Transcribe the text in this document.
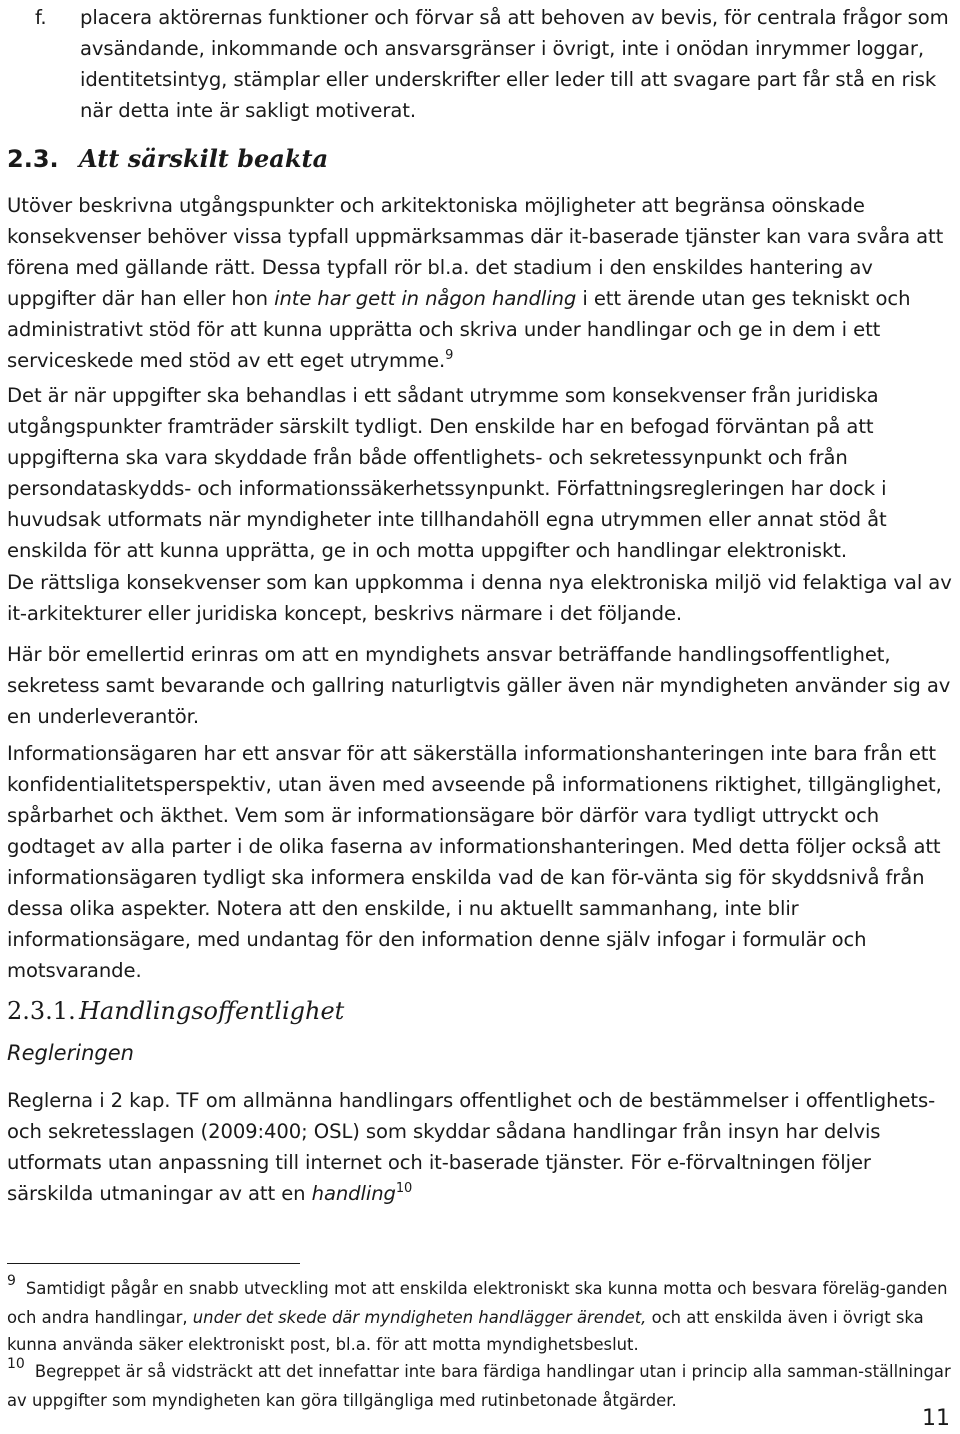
f. placera aktörernas funktioner och förvar så att behoven av bevis, för centrala frågor som avsändande, inkommande och ansvarsgränser i övrigt, inte i onödan inrymmer loggar, identitetsintyg, stämplar eller underskrifter eller leder till att svagare part får stå en risk när detta inte är sakligt motiverat.
2.3. Att särskilt beakta
Utöver beskrivna utgångspunkter och arkitektoniska möjligheter att begränsa oönskade konsekvenser behöver vissa typfall uppmärksammas där it-baserade tjänster kan vara svåra att förena med gällande rätt. Dessa typfall rör bl.a. det stadium i den enskildes hantering av uppgifter där han eller hon inte har gett in någon handling i ett ärende utan ges tekniskt och administrativt stöd för att kunna upprätta och skriva under handlingar och ge in dem i ett serviceskede med stöd av ett eget utrymme.$^9$
Det är när uppgifter ska behandlas i ett sådant utrymme som konsekvenser från juridiska utgångspunkter framträder särskilt tydligt. Den enskilde har en befogad förväntan på att uppgifterna ska vara skyddade från både offentlighets- och sekretessynpunkt och från persondataskydds- och informationssäkerhetssynpunkt. Författningsregleringen har dock i huvudsak utformats när myndigheter inte tillhandahöll egna utrymmen eller annat stöd åt enskilda för att kunna upprätta, ge in och motta uppgifter och handlingar elektroniskt.
De rättsliga konsekvenser som kan uppkomma i denna nya elektroniska miljö vid felaktiga val av it-arkitekturer eller juridiska koncept, beskrivs närmare i det följande.
Här bör emellertid erinras om att en myndighets ansvar beträffande handlingsoffentlighet, sekretess samt bevarande och gallring naturligtvis gäller även när myndigheten använder sig av en underleverantör.
Informationsägaren har ett ansvar för att säkerställa informationshanteringen inte bara från ett konfidentialitetsperspektiv, utan även med avseende på informationens riktighet, tillgänglighet, spårbarhet och äkthet. Vem som är informationsägare bör därför vara tydligt uttryckt och godtaget av alla parter i de olika faserna av informationshanteringen. Med detta följer också att informationsägaren tydligt ska informera enskilda vad de kan för-vänta sig för skyddsnivå från dessa olika aspekter. Notera att den enskilde, i nu aktuellt sammanhang, inte blir informationsägare, med undantag för den information denne själv infogar i formulär och motsvarande.
2.3.1. Handlingsoffentlighet
Regleringen
Reglerna i 2 kap. TF om allmänna handlingars offentlighet och de bestämmelser i offentlighets- och sekretesslagen (2009:400; OSL) som skyddar sådana handlingar från insyn har delvis utformats utan anpassning till internet och it-baserade tjänster. För e-förvaltningen följer särskilda utmaningar av att en handling$^{10}$
9 Samtidigt pågår en snabb utveckling mot att enskilda elektroniskt ska kunna motta och besvara föreläg-ganden och andra handlingar, under det skede där myndigheten handlägger ärendet, och att enskilda även i övrigt ska kunna använda säker elektroniskt post, bl.a. för att motta myndighetsbeslut.
10 Begreppet är så vidsträckt att det innefattar inte bara färdiga handlingar utan i princip alla samman-ställningar av uppgifter som myndigheten kan göra tillgängliga med rutinbetonade åtgärder.
11
